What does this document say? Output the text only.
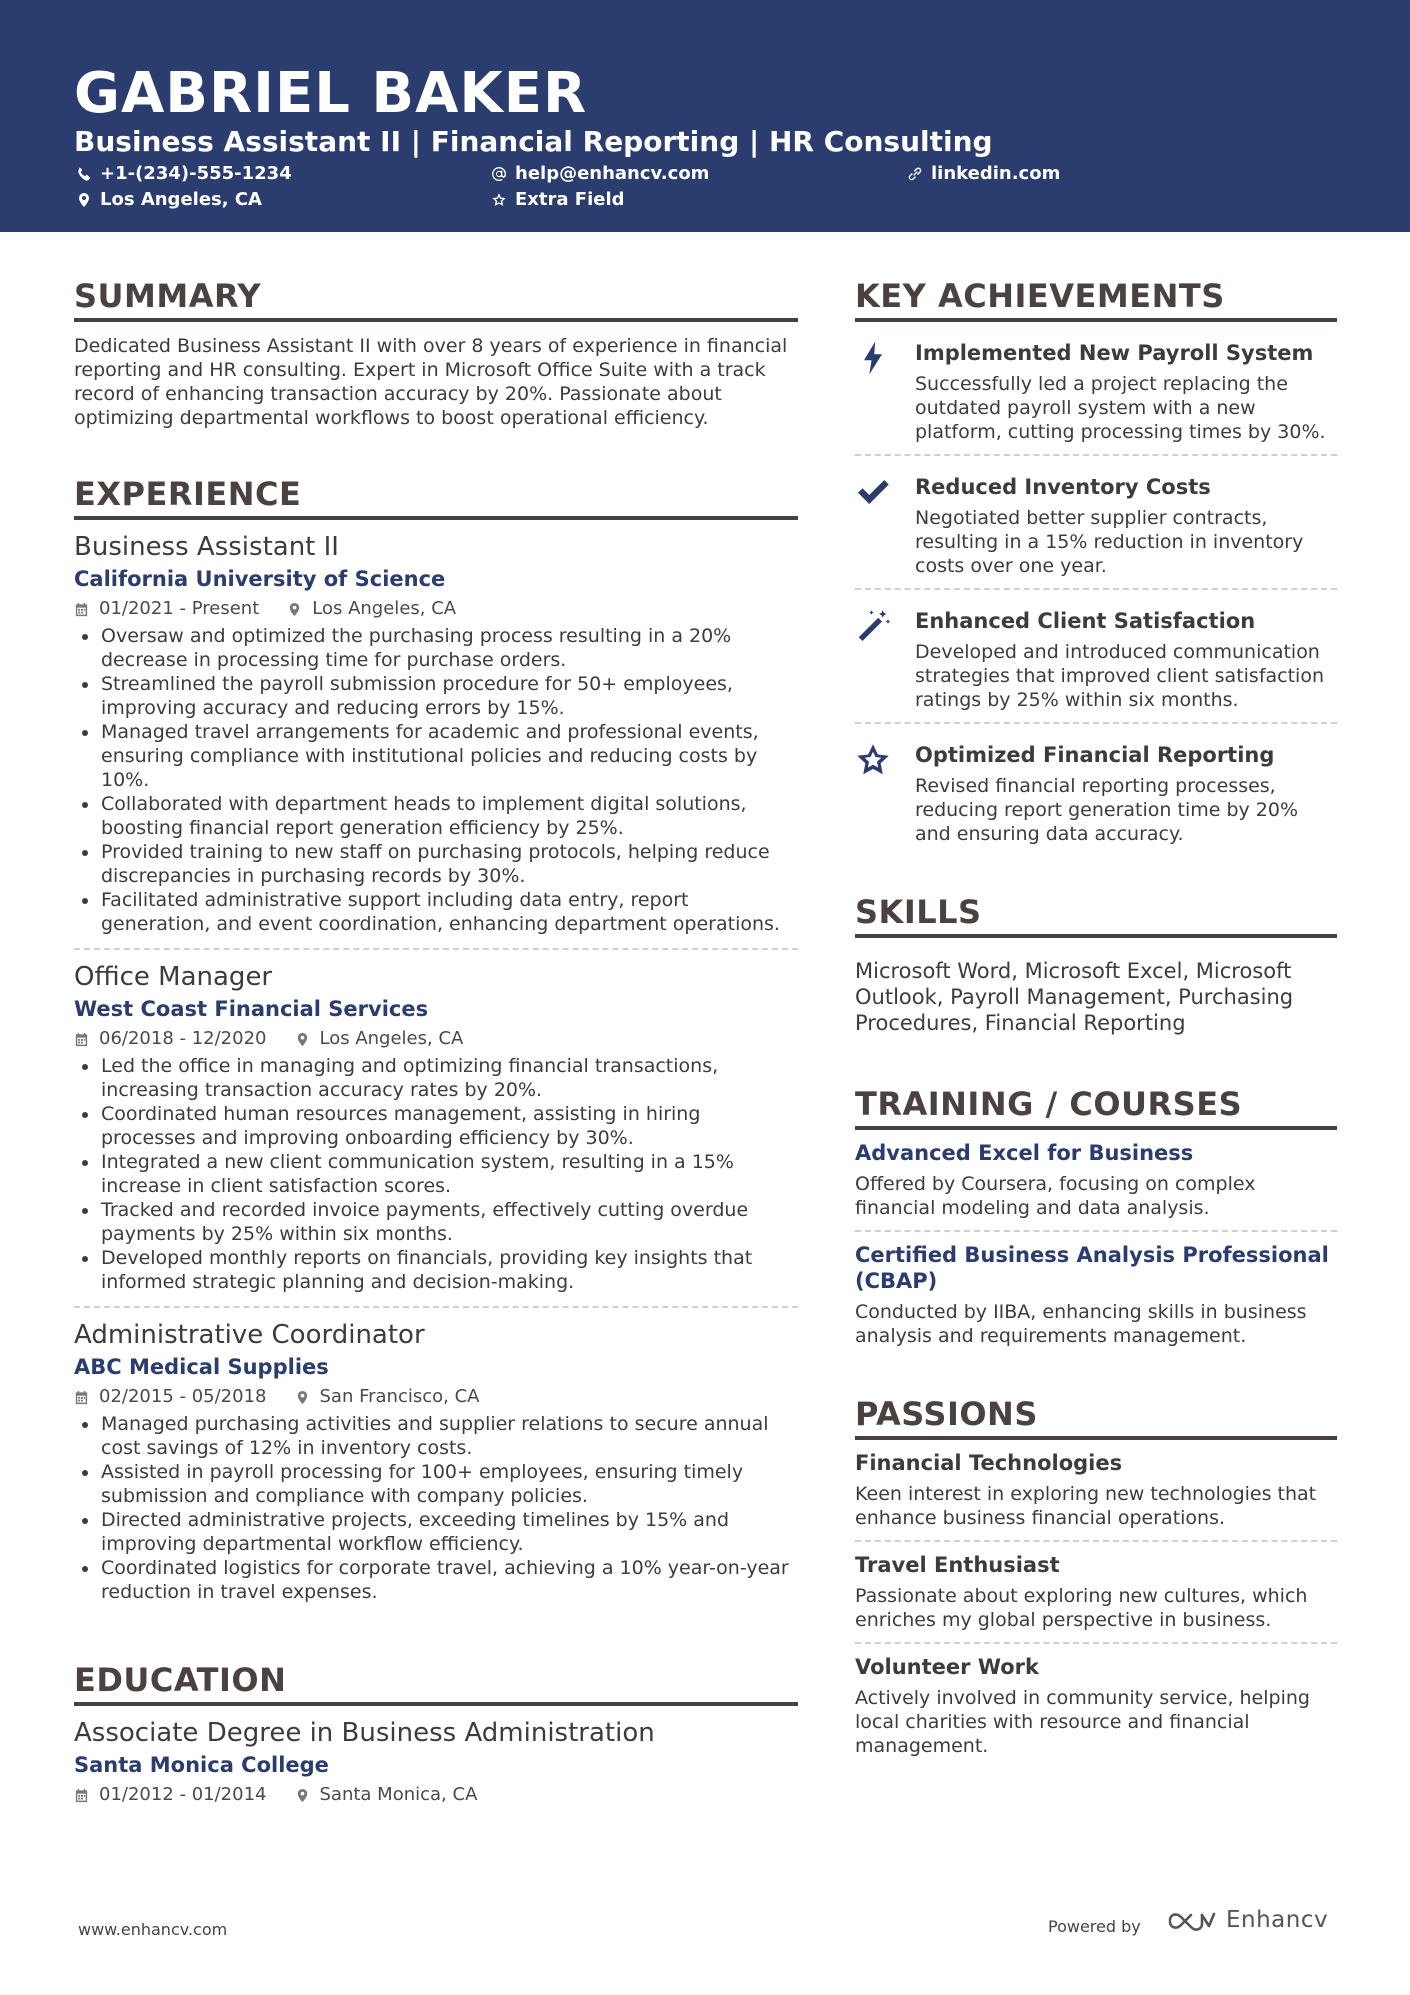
GABRIEL BAKER
Business Assistant II | Financial Reporting | HR Consulting
+1-(234)-555-1234	help@enhancv.com	linkedin.com
Los Angeles, CA	Extra Field
SUMMARY
Dedicated Business Assistant II with over 8 years of experience in financial reporting and HR consulting. Expert in Microsoft Office Suite with a track record of enhancing transaction accuracy by 20%. Passionate about optimizing departmental workflows to boost operational efficiency.
EXPERIENCE
Business Assistant II
California University of Science
01/2021 - Present	Los Angeles, CA
Oversaw and optimized the purchasing process resulting in a 20% decrease in processing time for purchase orders.
Streamlined the payroll submission procedure for 50+ employees, improving accuracy and reducing errors by 15%.
Managed travel arrangements for academic and professional events, ensuring compliance with institutional policies and reducing costs by 10%.
Collaborated with department heads to implement digital solutions, boosting financial report generation efficiency by 25%.
Provided training to new staff on purchasing protocols, helping reduce discrepancies in purchasing records by 30%.
Facilitated administrative support including data entry, report generation, and event coordination, enhancing department operations.
Office Manager
West Coast Financial Services
06/2018 - 12/2020	Los Angeles, CA
Led the office in managing and optimizing financial transactions, increasing transaction accuracy rates by 20%.
Coordinated human resources management, assisting in hiring processes and improving onboarding efficiency by 30%.
Integrated a new client communication system, resulting in a 15% increase in client satisfaction scores.
Tracked and recorded invoice payments, effectively cutting overdue payments by 25% within six months.
Developed monthly reports on financials, providing key insights that informed strategic planning and decision-making.
Administrative Coordinator
ABC Medical Supplies
02/2015 - 05/2018	San Francisco, CA
Managed purchasing activities and supplier relations to secure annual cost savings of 12% in inventory costs.
Assisted in payroll processing for 100+ employees, ensuring timely submission and compliance with company policies.
Directed administrative projects, exceeding timelines by 15% and improving departmental workflow efficiency.
Coordinated logistics for corporate travel, achieving a 10% year-on-year reduction in travel expenses.
EDUCATION
Associate Degree in Business Administration
Santa Monica College
01/2012 - 01/2014	Santa Monica, CA
KEY ACHIEVEMENTS
Implemented New Payroll System
Successfully led a project replacing the outdated payroll system with a new platform, cutting processing times by 30%.
Reduced Inventory Costs
Negotiated better supplier contracts, resulting in a 15% reduction in inventory costs over one year.
Enhanced Client Satisfaction
Developed and introduced communication strategies that improved client satisfaction ratings by 25% within six months.
Optimized Financial Reporting
Revised financial reporting processes, reducing report generation time by 20% and ensuring data accuracy.
SKILLS
Microsoft Word, Microsoft Excel, Microsoft Outlook, Payroll Management, Purchasing Procedures, Financial Reporting
TRAINING / COURSES
Advanced Excel for Business
Offered by Coursera, focusing on complex financial modeling and data analysis.
Certified Business Analysis Professional (CBAP)
Conducted by IIBA, enhancing skills in business analysis and requirements management.
PASSIONS
Financial Technologies
Keen interest in exploring new technologies that enhance business financial operations.
Travel Enthusiast
Passionate about exploring new cultures, which enriches my global perspective in business.
Volunteer Work
Actively involved in community service, helping local charities with resource and financial management.
www.enhancv.com	Powered by	Enhancv
